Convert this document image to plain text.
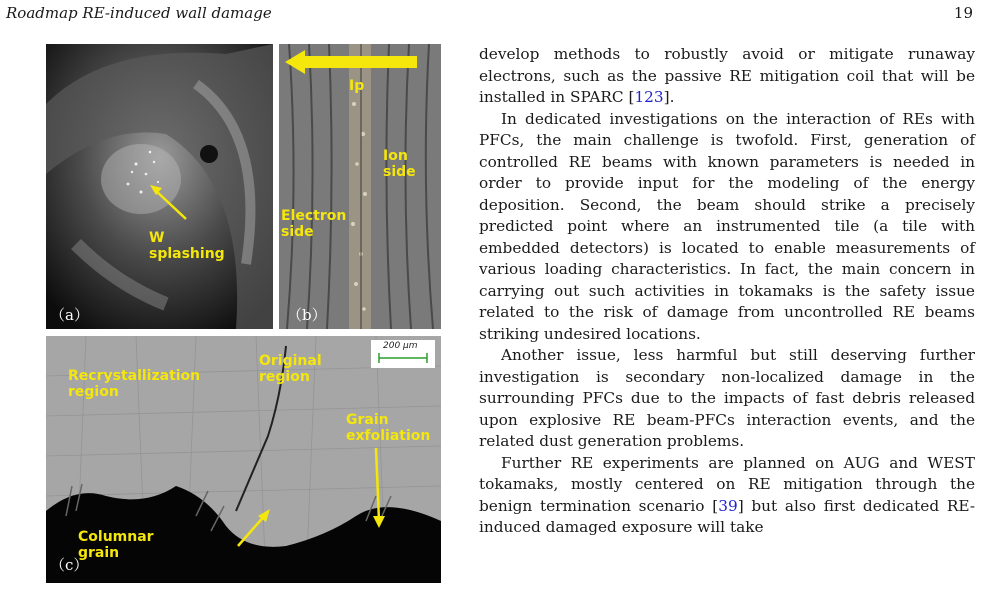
Roadmap RE-induced wall damage	19
W
splashing
（a）
Ip
Ion
side
Electron
side
（b）
200 μm
Recrystallization
region
Original
region
Grain
exfoliation
Columnar
grain
（c）

develop methods to robustly avoid or mitigate runaway electrons, such as the passive RE mitigation coil that will be installed in SPARC [123].

In dedicated investigations on the interaction of REs with PFCs, the main challenge is twofold. First, generation of controlled RE beams with known parameters is needed in order to provide input for the modeling of the energy deposition. Second, the beam should strike a precisely predicted point where an instrumented tile (a tile with embedded detectors) is located to enable measurements of various loading characteristics. In fact, the main concern in carrying out such activities in tokamaks is the safety issue related to the risk of damage from uncontrolled RE beams striking undesired locations.

Another issue, less harmful but still deserving further investigation is secondary non-localized damage in the surrounding PFCs due to the impacts of fast debris released upon explosive RE beam-PFCs interaction events, and the related dust generation problems.

Further RE experiments are planned on AUG and WEST tokamaks, mostly centered on RE mitigation through the benign termination scenario [39] but also first dedicated RE-induced damaged exposure will take
